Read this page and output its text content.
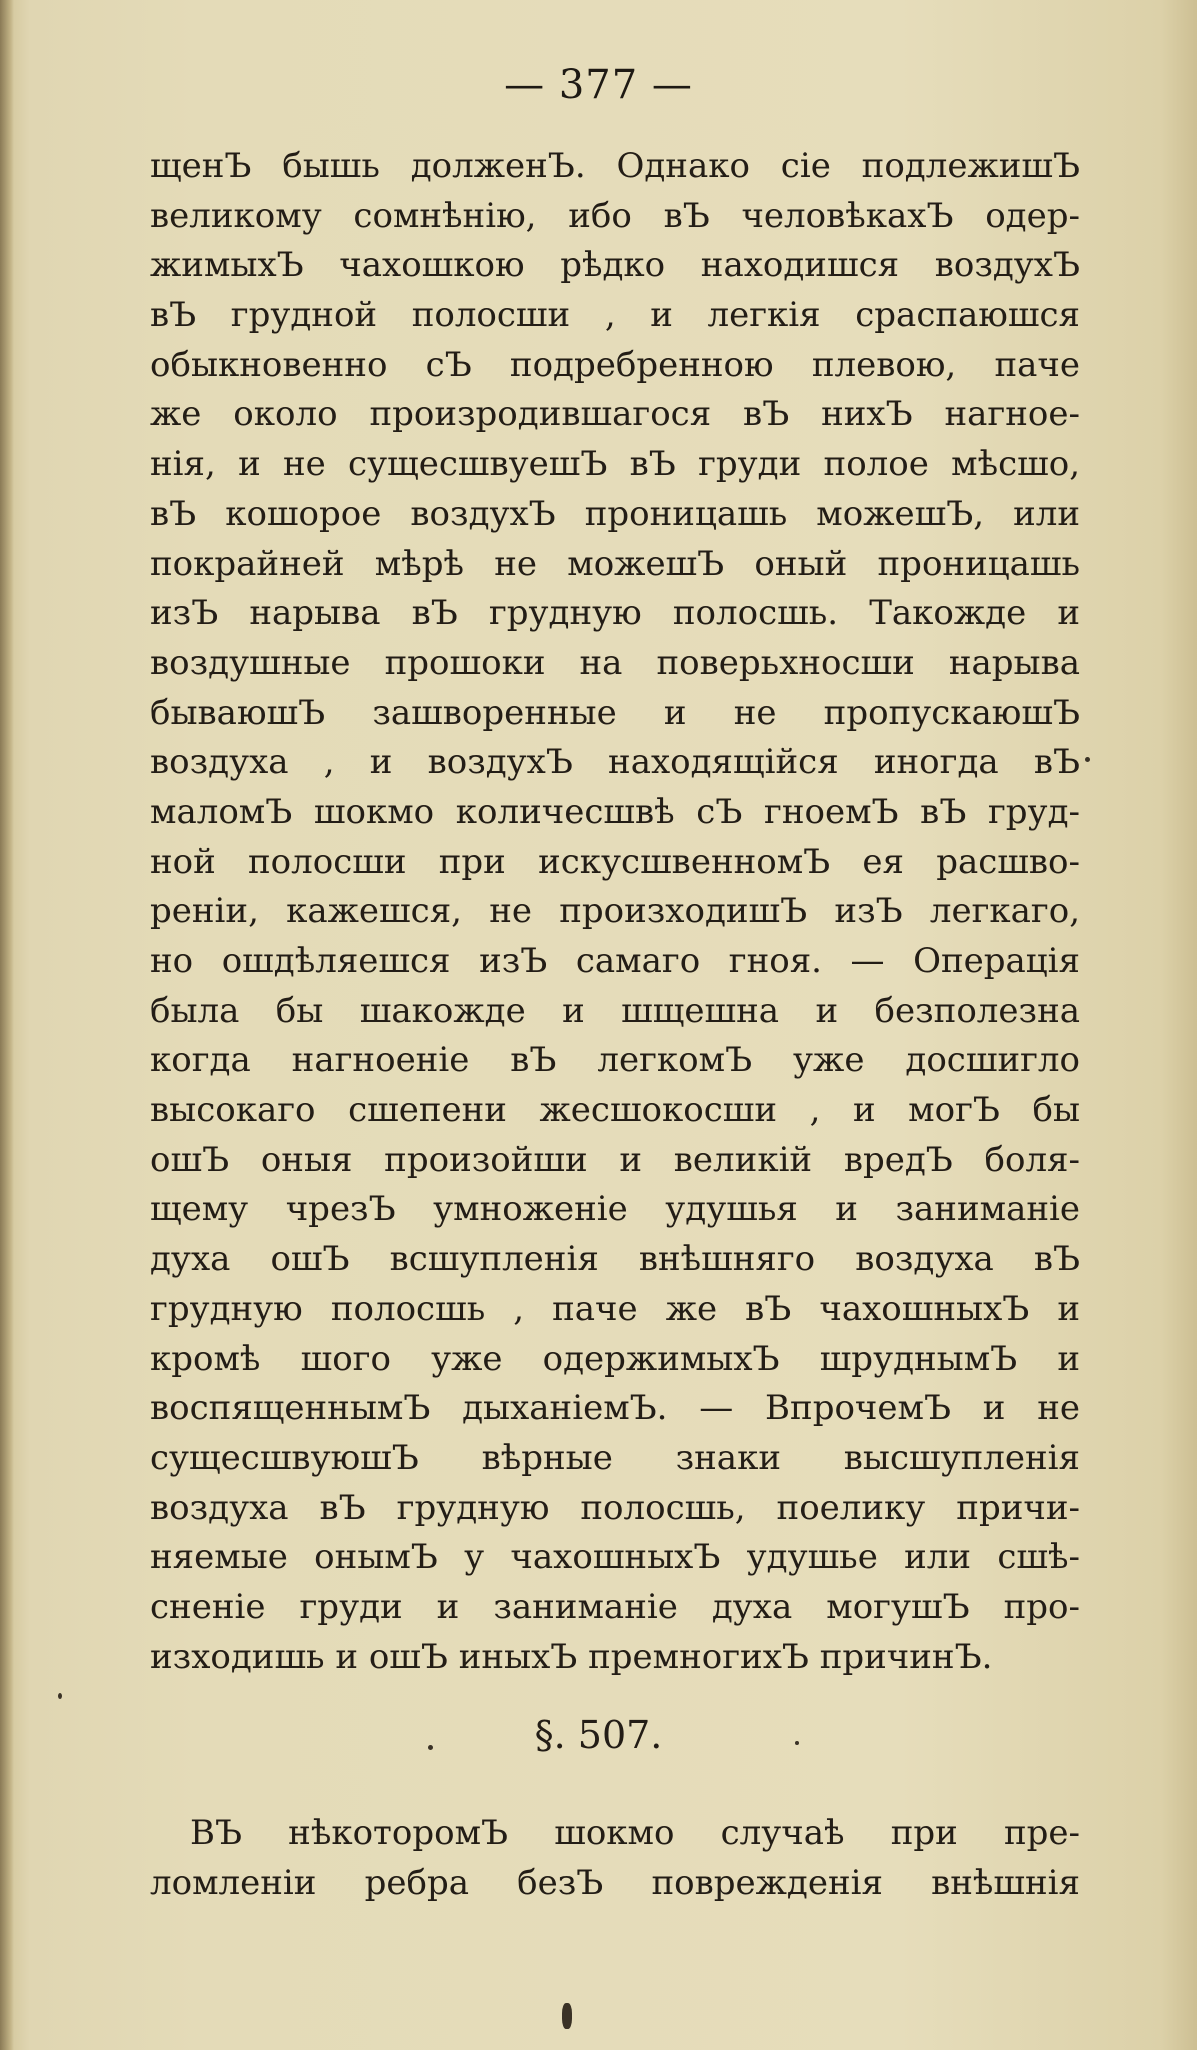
— 377 —
щенЪ бышь долженЪ. Однако сіе подлежишЪ
великому сомнѣнію, ибо вЪ человѣкахЪ одер-
жимыхЪ чахошкою рѣдко находишся воздухЪ
вЪ грудной полосши , и легкія сраспаюшся
обыкновенно сЪ подребренною плевою, паче
же около произродившагося вЪ нихЪ нагное-
нія, и не сущесшвуешЪ вЪ груди полое мѣсшо,
вЪ кошорое воздухЪ проницашь можешЪ, или
покрайней мѣрѣ не можешЪ оный проницашь
изЪ нарыва вЪ грудную полосшь. Такожде и
воздушные прошоки на поверьхносши нарыва
бываюшЪ зашворенные и не пропускаюшЪ
воздуха , и воздухЪ находящійся иногда вЪ
маломЪ шокмо количесшвѣ сЪ гноемЪ вЪ груд-
ной полосши при искусшвенномЪ ея расшво-
реніи, кажешся, не произходишЪ изЪ легкаго,
но ошдѣляешся изЪ самаго гноя. — Операція
была бы шакожде и шщешна и безполезна
когда нагноеніе вЪ легкомЪ уже досшигло
высокаго сшепени жесшокосши , и могЪ бы
ошЪ оныя произойши и великій вредЪ боля-
щему чрезЪ умноженіе удушья и заниманіе
духа ошЪ всшупленія внѣшняго воздуха вЪ
грудную полосшь , паче же вЪ чахошныхЪ и
кромѣ шого уже одержимыхЪ шруднымЪ и
воспященнымЪ дыханіемЪ. — ВпрочемЪ и не
сущесшвуюшЪ вѣрные знаки высшупленія
воздуха вЪ грудную полосшь, поелику причи-
няемые онымЪ у чахошныхЪ удушье или сшѣ-
сненіе груди и заниманіе духа могушЪ про-
изходишь и ошЪ иныхЪ премногихЪ причинЪ.
§. 507.
ВЪ нѣкоторомЪ шокмо случаѣ при пре-
ломленіи ребра безЪ поврежденія внѣшнія
